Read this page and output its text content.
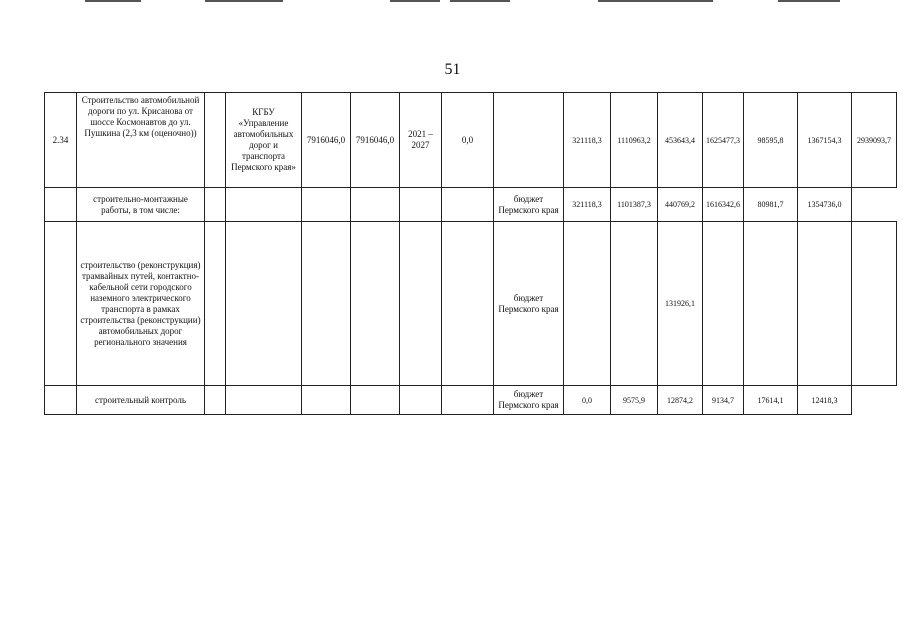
51
2.34	Строительство автомобильной дороги по ул. Крисанова от шоссе Космонавтов до ул. Пушкина (2,3 км (оценочно))		КГБУ «Управление автомобильных дорог и транспорта Пермского края»	7916046,0	7916046,0	2021 – 2027	0,0		321118,3	1110963,2	453643,4	1625477,3	98595,8	1367154,3	2939093,7
	строительно-монтажные работы, в том числе:							бюджет Пермского края	321118,3	1101387,3	440769,2	1616342,6	80981,7	1354736,0	
	строительство (реконструкция) трамвайных путей, контактно-кабельной сети городского наземного электрического транспорта в рамках строительства (реконструкции) автомобильных дорог регионального значения							бюджет Пермского края			131926,1				
	строительный контроль							бюджет Пермского края	0,0	9575,9	12874,2	9134,7	17614,1	12418,3	
